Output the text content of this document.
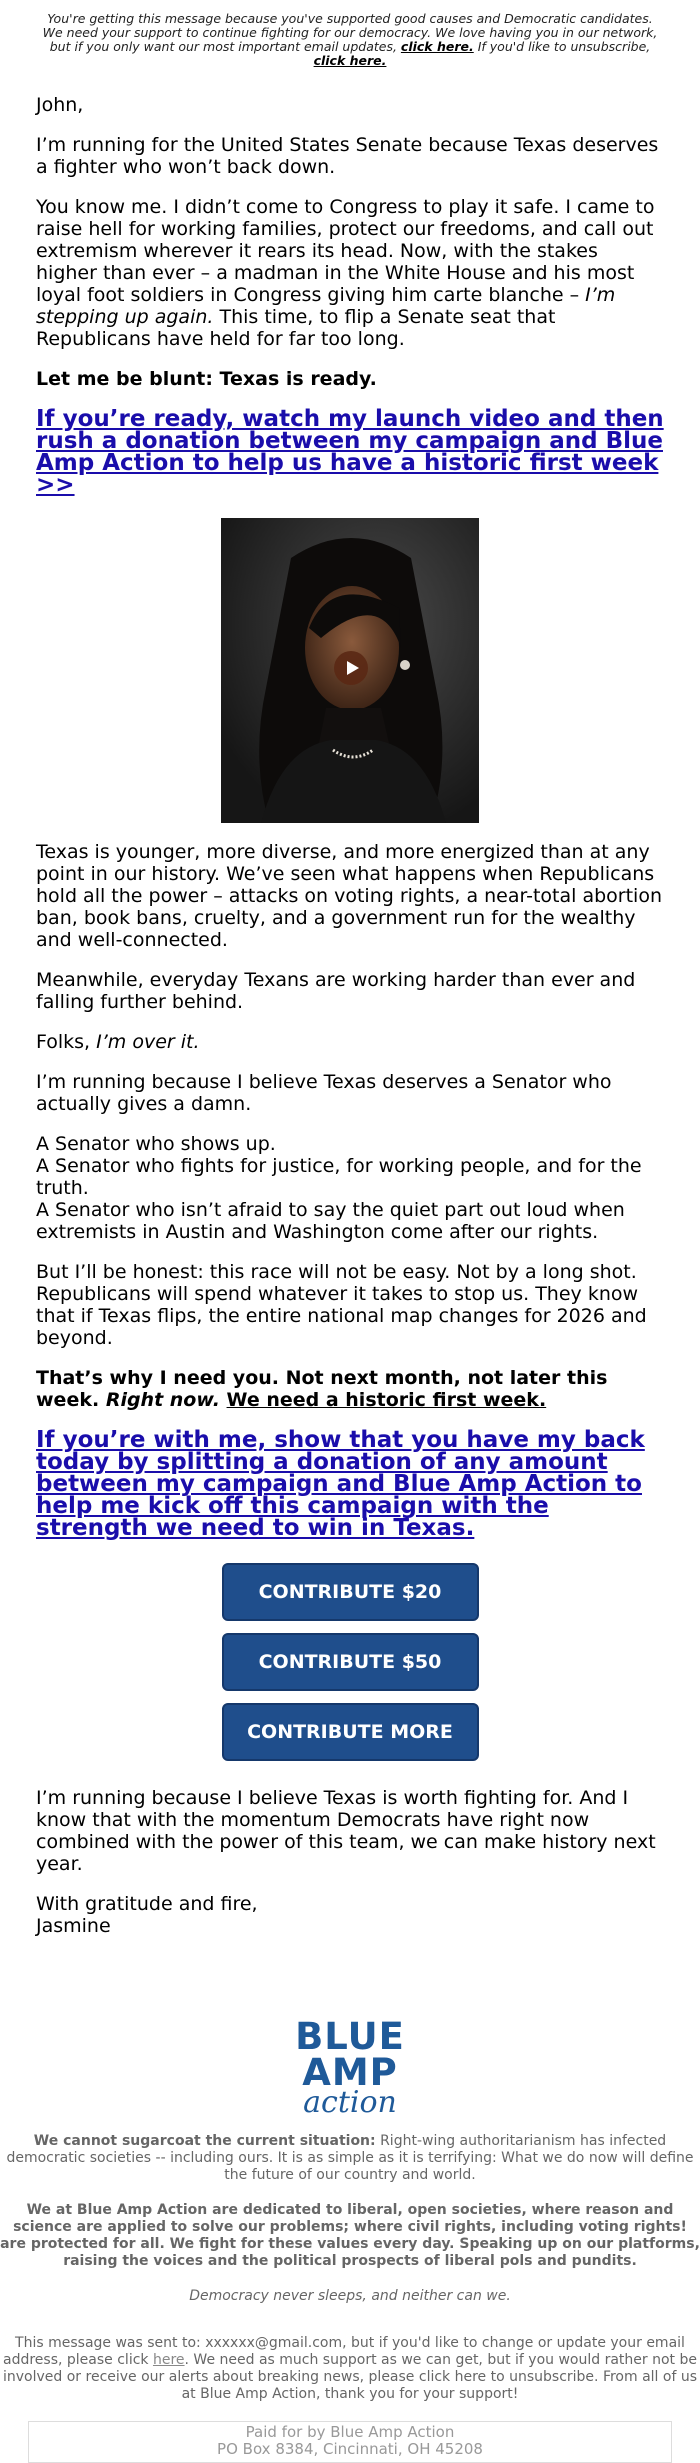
You're getting this message because you've supported good causes and Democratic candidates. We need your support to continue fighting for our democracy. We love having you in our network, but if you only want our most important email updates, click here. If you'd like to unsubscribe, click here.

John,

I’m running for the United States Senate because Texas deserves a fighter who won’t back down.

You know me. I didn’t come to Congress to play it safe. I came to raise hell for working families, protect our freedoms, and call out extremism wherever it rears its head. Now, with the stakes higher than ever – a madman in the White House and his most loyal foot soldiers in Congress giving him carte blanche – I’m stepping up again. This time, to flip a Senate seat that Republicans have held for far too long.

Let me be blunt: Texas is ready.

If you’re ready, watch my launch video and then rush a donation between my campaign and Blue Amp Action to help us have a historic first week >>

Texas is younger, more diverse, and more energized than at any point in our history. We’ve seen what happens when Republicans hold all the power – attacks on voting rights, a near-total abortion ban, book bans, cruelty, and a government run for the wealthy and well-connected.

Meanwhile, everyday Texans are working harder than ever and falling further behind.

Folks, I’m over it.

I’m running because I believe Texas deserves a Senator who actually gives a damn.

A Senator who shows up.
A Senator who fights for justice, for working people, and for the truth.
A Senator who isn’t afraid to say the quiet part out loud when extremists in Austin and Washington come after our rights.

But I’ll be honest: this race will not be easy. Not by a long shot. Republicans will spend whatever it takes to stop us. They know that if Texas flips, the entire national map changes for 2026 and beyond.

That’s why I need you. Not next month, not later this week. Right now. We need a historic first week.

If you’re with me, show that you have my back today by splitting a donation of any amount between my campaign and Blue Amp Action to help me kick off this campaign with the strength we need to win in Texas.
CONTRIBUTE $20
CONTRIBUTE $50
CONTRIBUTE MORE

I’m running because I believe Texas is worth fighting for. And I know that with the momentum Democrats have right now combined with the power of this team, we can make history next year.

With gratitude and fire,
Jasmine

BLUE AMP
action

We cannot sugarcoat the current situation: Right-wing authoritarianism has infected democratic societies -- including ours. It is as simple as it is terrifying: What we do now will define the future of our country and world.

We at Blue Amp Action are dedicated to liberal, open societies, where reason and science are applied to solve our problems; where civil rights, including voting rights! are protected for all. We fight for these values every day. Speaking up on our platforms, raising the voices and the political prospects of liberal pols and pundits.

Democracy never sleeps, and neither can we.

This message was sent to: xxxxxx@gmail.com, but if you'd like to change or update your email address, please click here. We need as much support as we can get, but if you would rather not be involved or receive our alerts about breaking news, please click here to unsubscribe. From all of us at Blue Amp Action, thank you for your support!

Paid for by Blue Amp Action
PO Box 8384, Cincinnati, OH 45208
